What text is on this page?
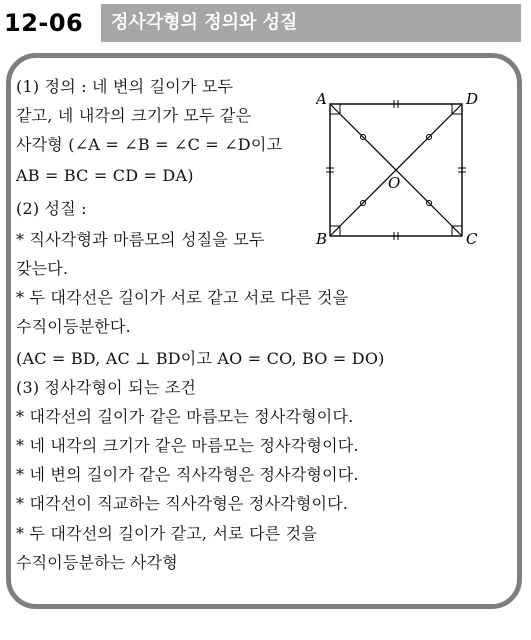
12-06	정사각형의 정의와 성질
(1) 정의 : 네 변의 길이가 모두
같고, 네 내각의 크기가 모두 같은
사각형 (∠A = ∠B = ∠C = ∠D이고
AB = BC = CD = DA)
(2) 성질 :
* 직사각형과 마름모의 성질을 모두
갖는다.
* 두 대각선은 길이가 서로 같고 서로 다른 것을
수직이등분한다.
(AC = BD, AC ⊥ BD이고 AO = CO, BO = DO)
(3) 정사각형이 되는 조건
* 대각선의 길이가 같은 마름모는 정사각형이다.
* 네 내각의 크기가 같은 마름모는 정사각형이다.
* 네 변의 길이가 같은 직사각형은 정사각형이다.
* 대각선이 직교하는 직사각형은 정사각형이다.
* 두 대각선의 길이가 같고, 서로 다른 것을
수직이등분하는 사각형
A	D
B	C
O
